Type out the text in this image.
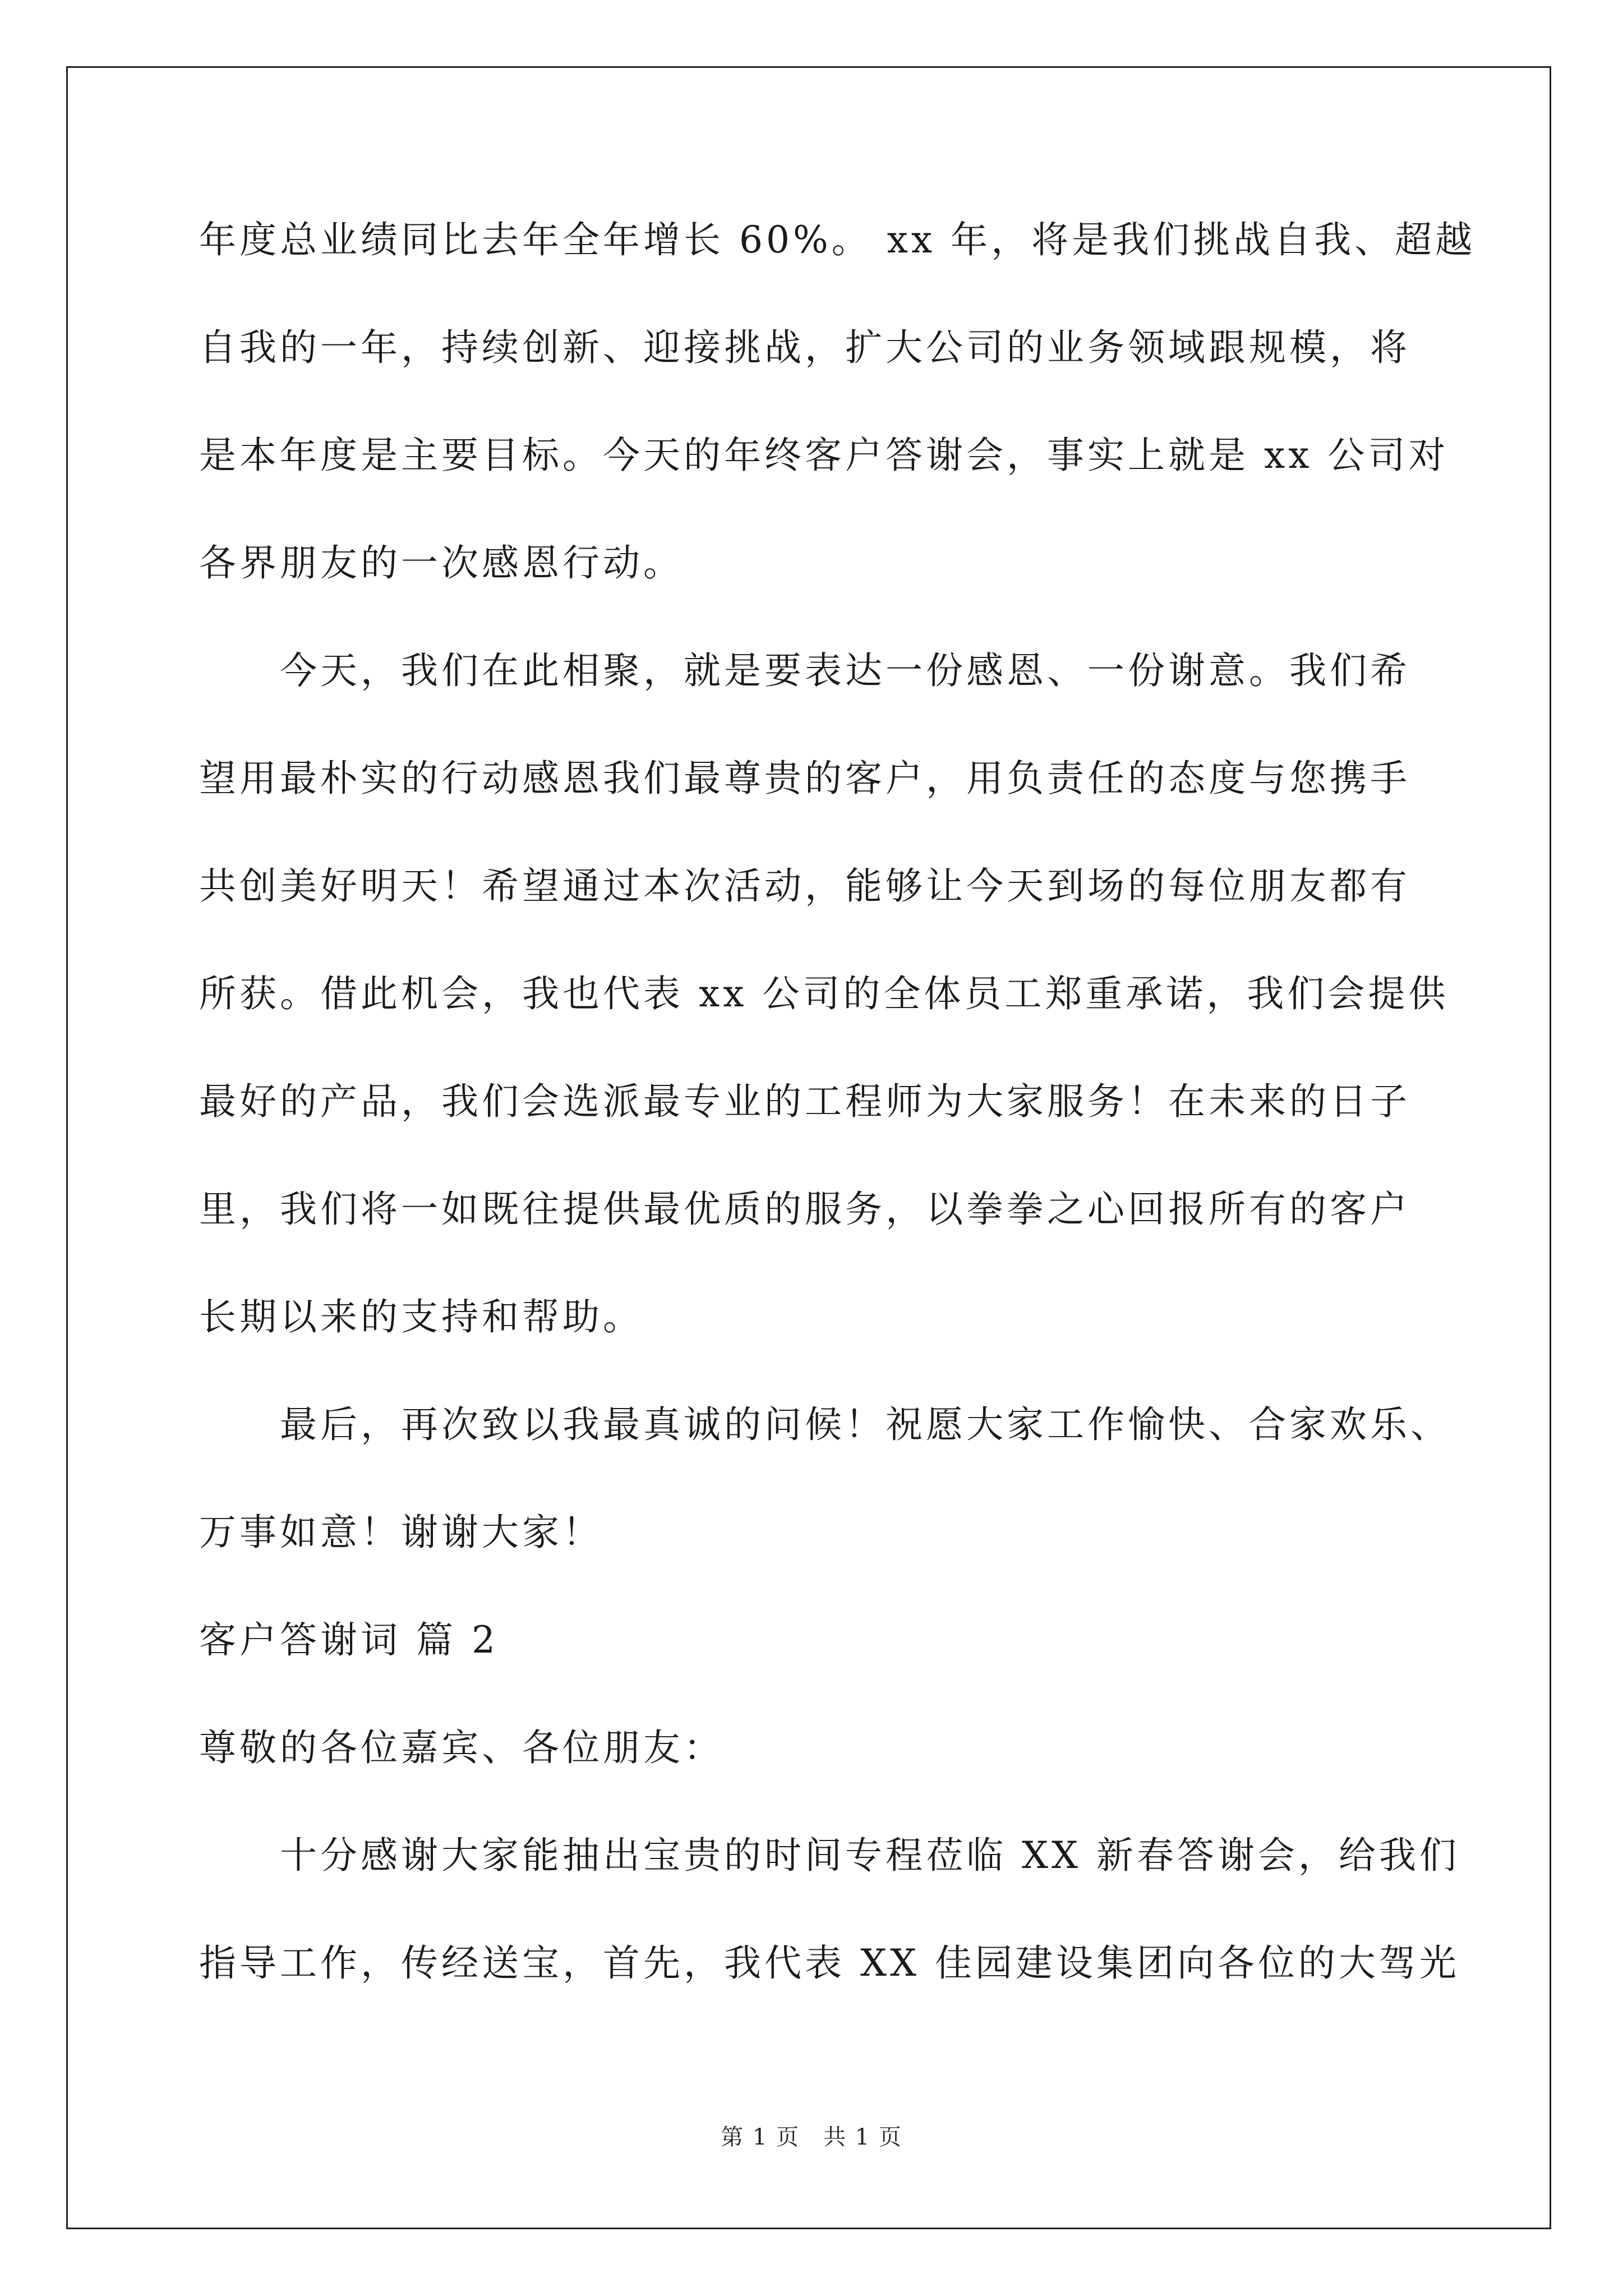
年度总业绩同比去年全年增长 60%。 xx 年，将是我们挑战自我、超越
自我的一年，持续创新、迎接挑战，扩大公司的业务领域跟规模，将
是本年度是主要目标。今天的年终客户答谢会，事实上就是 xx 公司对
各界朋友的一次感恩行动。
　　今天，我们在此相聚，就是要表达一份感恩、一份谢意。我们希
望用最朴实的行动感恩我们最尊贵的客户，用负责任的态度与您携手
共创美好明天！希望通过本次活动，能够让今天到场的每位朋友都有
所获。借此机会，我也代表 xx 公司的全体员工郑重承诺，我们会提供
最好的产品，我们会选派最专业的工程师为大家服务！在未来的日子
里，我们将一如既往提供最优质的服务，以拳拳之心回报所有的客户
长期以来的支持和帮助。
　　最后，再次致以我最真诚的问候！祝愿大家工作愉快、合家欢乐、
万事如意！谢谢大家！
客户答谢词 篇 2
尊敬的各位嘉宾、各位朋友：
　　十分感谢大家能抽出宝贵的时间专程莅临 XX 新春答谢会，给我们
指导工作，传经送宝，首先，我代表 XX 佳园建设集团向各位的大驾光
第 1 页 共 1 页
